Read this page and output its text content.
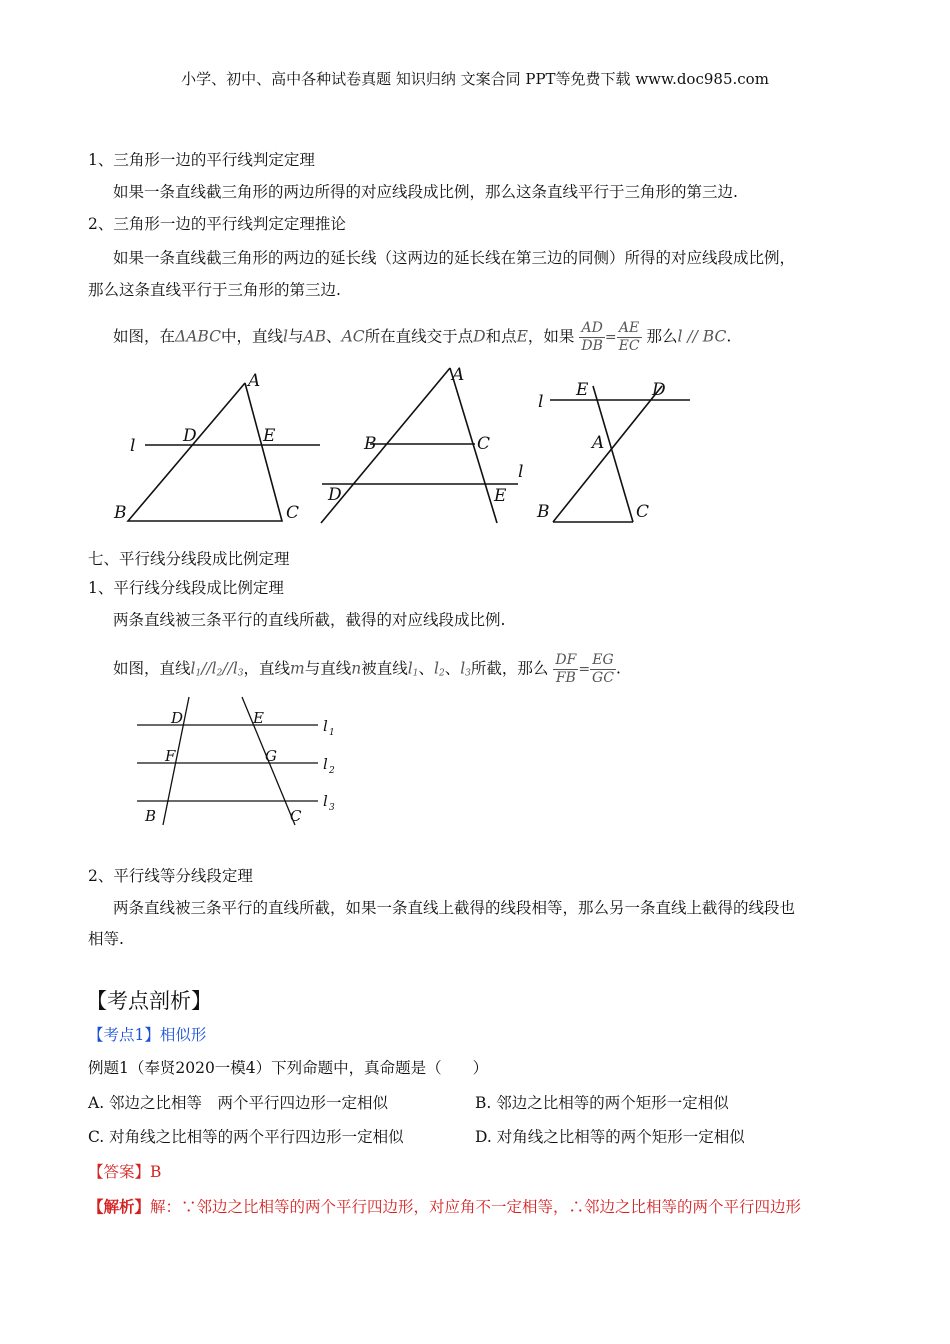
小学、初中、高中各种试卷真题 知识归纳 文案合同 PPT等免费下载 www.doc985.com
1、三角形一边的平行线判定定理
如果一条直线截三角形的两边所得的对应线段成比例，那么这条直线平行于三角形的第三边.
2、三角形一边的平行线判定定理推论
如果一条直线截三角形的两边的延长线（这两边的延长线在第三边的同侧）所得的对应线段成比例，
那么这条直线平行于三角形的第三边.
如图，在ΔABC中，直线l与AB、AC所在直线交于点D和点E，如果 $\frac{AD}{DB} = \frac{AE}{EC}$ 那么l // BC.
A
D	E
l
B	C
A
B	C
l
D	E
l
E	D
A
B	C
七、平行线分线段成比例定理
1、平行线分线段成比例定理
两条直线被三条平行的直线所截，截得的对应线段成比例.
如图，直线$l_1//l_2//l_3$，直线m与直线n被直线$l_1$、$l_2$、$l_3$所截，那么 $\frac{DF}{FB} = \frac{EG}{GC}$ .
D	E
F	G
B	C
l 1
l 2
l 3
2、平行线等分线段定理
两条直线被三条平行的直线所截，如果一条直线上截得的线段相等，那么另一条直线上截得的线段也
相等.
【考点剖析】
【考点1】相似形
例题1（奉贤2020一模4）下列命题中，真命题是（　　）
A. 邻边之比相等　两个平行四边形一定相似	B. 邻边之比相等的两个矩形一定相似
C. 对角线之比相等的两个平行四边形一定相似	D. 对角线之比相等的两个矩形一定相似
【答案】B
【解析】解：∵邻边之比相等的两个平行四边形，对应角不一定相等，∴邻边之比相等的两个平行四边形
